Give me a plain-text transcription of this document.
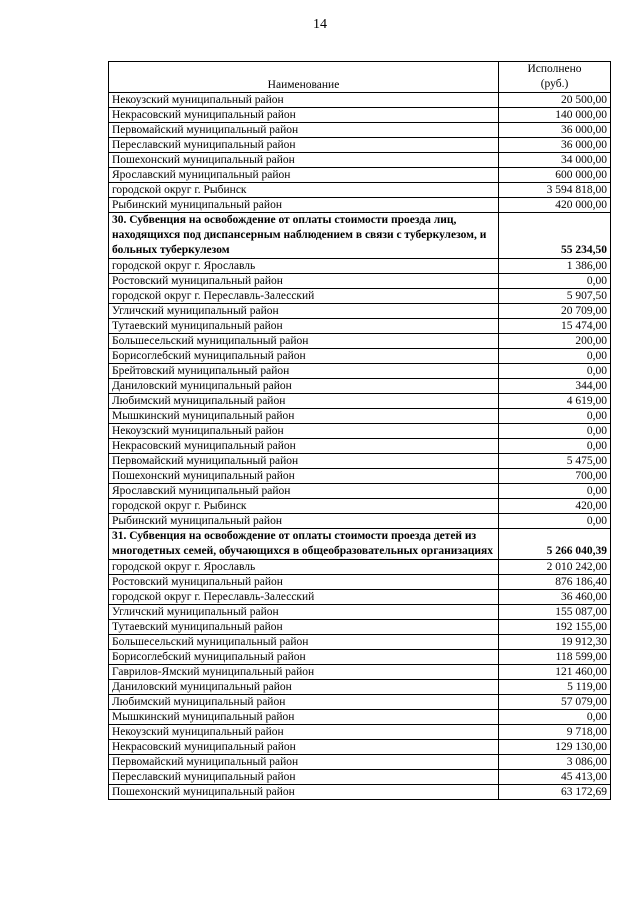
14
Наименование	Исполнено
(руб.)
Некоузский муниципальный район	20 500,00
Некрасовский муниципальный район	140 000,00
Первомайский муниципальный район	36 000,00
Переславский муниципальный район	36 000,00
Пошехонский муниципальный район	34 000,00
Ярославский муниципальный район	600 000,00
городской округ г. Рыбинск	3 594 818,00
Рыбинский муниципальный район	420 000,00
30. Субвенция на освобождение от оплаты стоимости проезда лиц, находящихся под диспансерным наблюдением в связи с туберкулезом, и больных туберкулезом	55 234,50
городской округ г. Ярославль	1 386,00
Ростовский муниципальный район	0,00
городской округ г. Переславль-Залесский	5 907,50
Угличский муниципальный район	20 709,00
Тутаевский муниципальный район	15 474,00
Большесельский муниципальный район	200,00
Борисоглебский муниципальный район	0,00
Брейтовский муниципальный район	0,00
Даниловский муниципальный район	344,00
Любимский муниципальный район	4 619,00
Мышкинский муниципальный район	0,00
Некоузский муниципальный район	0,00
Некрасовский муниципальный район	0,00
Первомайский муниципальный район	5 475,00
Пошехонский муниципальный район	700,00
Ярославский муниципальный район	0,00
городской округ г. Рыбинск	420,00
Рыбинский муниципальный район	0,00
31. Субвенция на освобождение от оплаты стоимости проезда детей из многодетных семей, обучающихся в общеобразовательных организациях	5 266 040,39
городской округ г. Ярославль	2 010 242,00
Ростовский муниципальный район	876 186,40
городской округ г. Переславль-Залесский	36 460,00
Угличский муниципальный район	155 087,00
Тутаевский муниципальный район	192 155,00
Большесельский муниципальный район	19 912,30
Борисоглебский муниципальный район	118 599,00
Гаврилов-Ямский муниципальный район	121 460,00
Даниловский муниципальный район	5 119,00
Любимский муниципальный район	57 079,00
Мышкинский муниципальный район	0,00
Некоузский муниципальный район	9 718,00
Некрасовский муниципальный район	129 130,00
Первомайский муниципальный район	3 086,00
Переславский муниципальный район	45 413,00
Пошехонский муниципальный район	63 172,69
